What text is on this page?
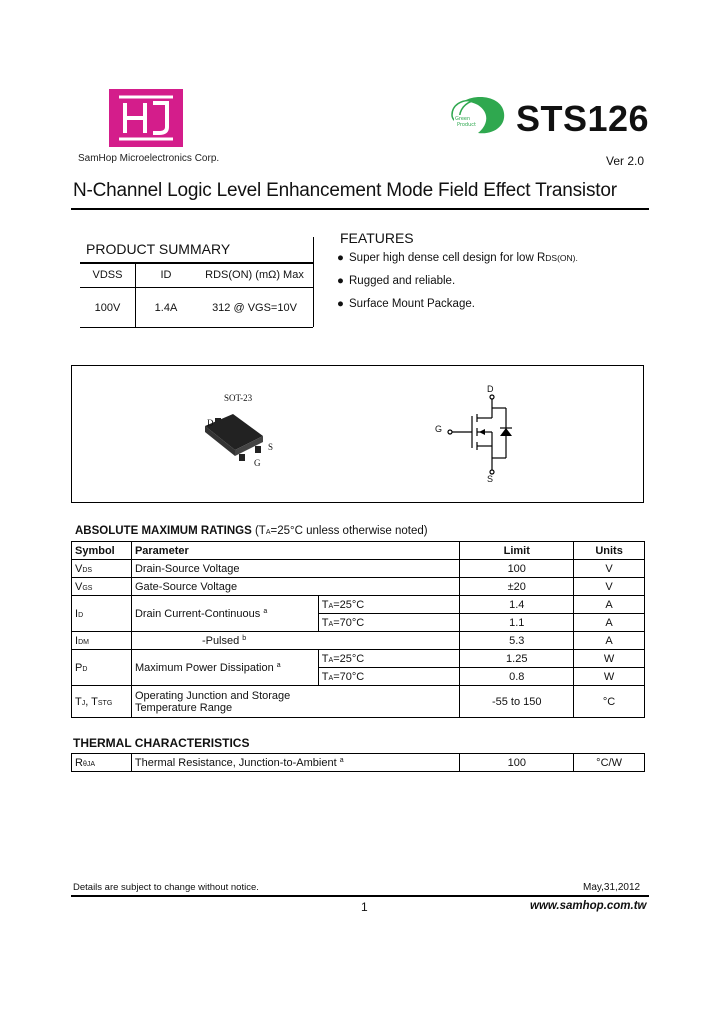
SamHop Microelectronics Corp.
Green
Product STS126
Ver 2.0
N-Channel Logic Level Enhancement Mode Field Effect Transistor
PRODUCT SUMMARY
VDSS	ID	RDS(ON) (mΩ) Max
100V	1.4A	312 @ VGS=10V
FEATURES
● Super high dense cell design for low RDS(ON).
● Rugged and reliable.
● Surface Mount Package.
SOT-23
D
S
G
D
G
S
ABSOLUTE MAXIMUM RATINGS (TA=25°C unless otherwise noted)
Symbol	Parameter		Limit	Units
VDS	Drain-Source Voltage		100	V
VGS	Gate-Source Voltage		±20	V
ID	Drain Current-Continuous $^a$	TA=25°C	1.4	A
		TA=70°C	1.1	A
IDM	-Pulsed $^b$		5.3	A
PD	Maximum Power Dissipation $^a$	TA=25°C	1.25	W
		TA=70°C	0.8	W
TJ, TSTG	Operating Junction and Storage
Temperature Range		-55 to 150	°C
THERMAL CHARACTERISTICS
RθJA	Thermal Resistance, Junction-to-Ambient $^a$	100	°C/W
Details are subject to change without notice.	May,31,2012
1	www.samhop.com.tw
